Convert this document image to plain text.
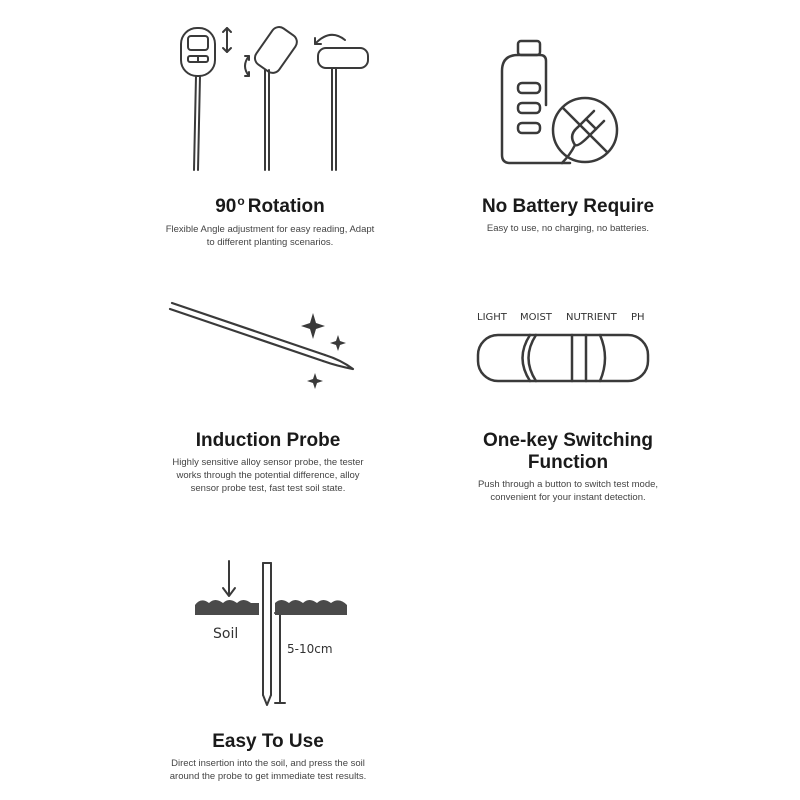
90$^o$ Rotation
Flexible Angle adjustment for easy reading, Adapt
to different planting scenarios.
No Battery Require
Easy to use, no charging, no batteries.
Induction Probe
Highly sensitive alloy sensor probe, the tester
works through the potential difference, alloy
sensor probe test, fast test soil state.
LIGHT MOIST NUTRIENT PH
One-key Switching
Function
Push through a button to switch test mode,
convenient for your instant detection.
Soil
5-10cm
Easy To Use
Direct insertion into the soil, and press the soil
around the probe to get immediate test results.
